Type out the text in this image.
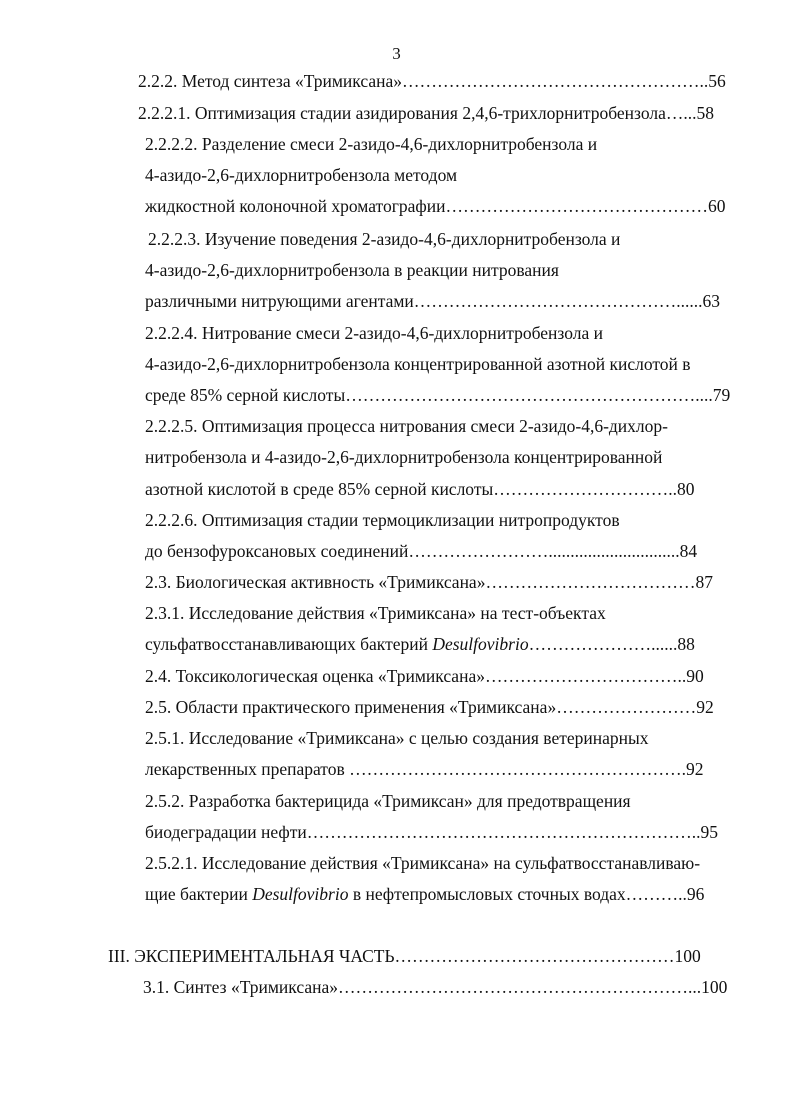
3
2.2.2. Метод синтеза «Тримиксана»……………………………………………..56
2.2.2.1. Оптимизация стадии азидирования 2,4,6-трихлорнитробензола…...58
2.2.2.2. Разделение смеси 2-азидо-4,6-дихлорнитробензола и
4-азидо-2,6-дихлорнитробензола методом
жидкостной колоночной хроматографии………………………………………60
2.2.2.3. Изучение поведения 2-азидо-4,6-дихлорнитробензола и
4-азидо-2,6-дихлорнитробензола в реакции нитрования
различными нитрующими агентами………………………………………......63
2.2.2.4. Нитрование смеси 2-азидо-4,6-дихлорнитробензола и
4-азидо-2,6-дихлорнитробензола концентрированной азотной кислотой в
среде 85% серной кислоты……………………………………………………....79
2.2.2.5. Оптимизация процесса нитрования смеси 2-азидо-4,6-дихлор-
нитробензола и 4-азидо-2,6-дихлорнитробензола концентрированной
азотной кислотой в среде 85% серной кислоты…………………………..80
2.2.2.6. Оптимизация стадии термоциклизации нитропродуктов
до бензофуроксановых соединений……………………..............................84
2.3. Биологическая активность «Тримиксана»………………………………87
2.3.1. Исследование действия «Тримиксана» на тест-объектах
сульфатвосстанавливающих бактерий Desulfovibrio…………………......88
2.4. Токсикологическая оценка «Тримиксана»……………………………..90
2.5. Области практического применения «Тримиксана»……………………92
2.5.1. Исследование «Тримиксана» с целью создания ветеринарных
лекарственных препаратов ………………………………………………….92
2.5.2. Разработка бактерицида «Тримиксан» для предотвращения
биодеградации нефти…………………………………………………………..95
2.5.2.1. Исследование действия «Тримиксана» на сульфатвосстанавливаю-
щие бактерии Desulfovibrio в нефтепромысловых сточных водах………..96
III. ЭКСПЕРИМЕНТАЛЬНАЯ ЧАСТЬ…………………………………………100
3.1. Синтез «Тримиксана»……………………………………………………...100
